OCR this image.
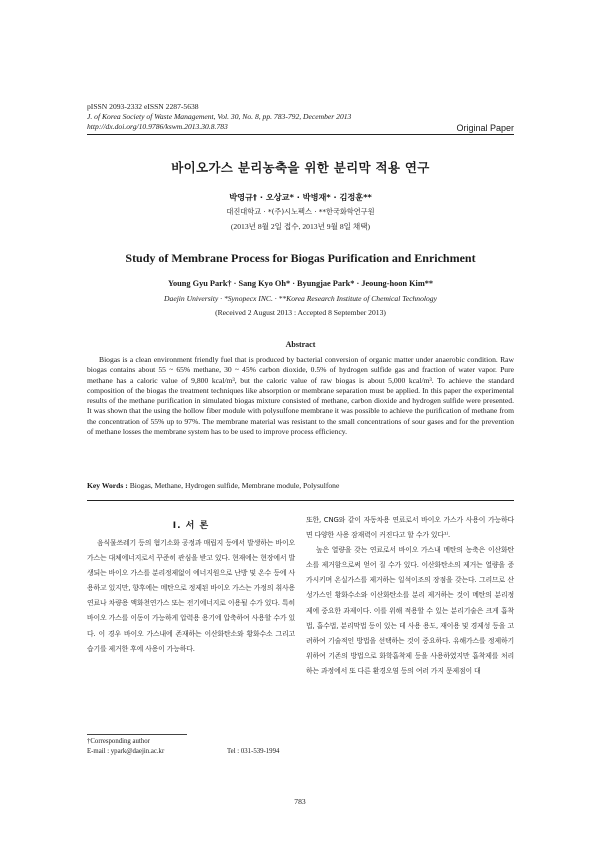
pISSN 2093-2332 eISSN 2287-5638
J. of Korea Society of Waste Management, Vol. 30, No. 8, pp. 783-792, December 2013
http://dx.doi.org/10.9786/kswm.2013.30.8.783	Original Paper
바이오가스 분리농축을 위한 분리막 적용 연구
박영규† · 오상교* · 박병재* · 김정훈**
대진대학교 · *(주)시노펙스 · **한국화학연구원
(2013년 8월 2일 접수, 2013년 9월 8일 채택)
Study of Membrane Process for Biogas Purification and Enrichment
Young Gyu Park† · Sang Kyo Oh* · Byungjae Park* · Jeoung-hoon Kim**
Daejin University · *Synopecx INC. · **Korea Research Institute of Chemical Technology
(Received 2 August 2013 : Accepted 8 September 2013)
Abstract
Biogas is a clean environment friendly fuel that is produced by bacterial conversion of organic matter under anaerobic condition. Raw biogas contains about 55 ~ 65% methane, 30 ~ 45% carbon dioxide, 0.5% of hydrogen sulfide gas and fraction of water vapor. Pure methane has a caloric value of 9,800 kcal/m³, but the caloric value of raw biogas is about 5,000 kcal/m³. To achieve the standard composition of the biogas the treatment techniques like absorption or membrane separation must be applied. In this paper the experimental results of the methane purification in simulated biogas mixture consisted of methane, carbon dioxide and hydrogen sulfide were presented. It was shown that the using the hollow fiber module with polysulfone membrane it was possible to achieve the purification of methane from the concentration of 55% up to 97%. The membrane material was resistant to the small concentrations of sour gases and for the prevention of methane losses the membrane system has to be used to improve process efficiency.
Key Words : Biogas, Methane, Hydrogen sulfide, Membrane module, Polysulfone
I. 서 론

음식물쓰레기 등의 혐기소화 공정과 매립지 등에서 발생하는 바이오 가스는 대체에너지로서 꾸준히 관심을 받고 있다. 현재에는 현장에서 발생되는 바이오 가스를 분리정제없이 에너지원으로 난방 및 온수 등에 사용하고 있지만, 향후에는 메탄으로 정제된 바이오 가스는 가정의 취사용 연료나 차량용 액화천연가스 또는 전기에너지로 이용될 수가 있다. 특히 바이오 가스를 이동이 가능하게 압력용 용기에 압축하여 사용할 수가 있다. 이 경우 바이오 가스내에 존재하는 이산화탄소와 황화수소 그리고 습기를 제거한 후에 사용이 가능하다.

또한, CNG와 같이 자동차용 연료로서 바이오 가스가 사용이 가능하다면 다양한 사용 잠재력이 커진다고 할 수가 있다¹⁾.

높은 열량을 갖는 연료로서 바이오 가스내 메탄의 농축은 이산화탄소를 제거함으로써 얻어 질 수가 있다. 이산화탄소의 제거는 열량을 증가시키며 온실가스를 제거하는 일석이조의 장점을 갖는다. 그리므로 산성가스인 황화수소와 이산화탄소를 분리 제거하는 것이 메탄의 분리정제에 중요한 과제이다. 이를 위해 적용할 수 있는 분리기술은 크게 흡착법, 흡수법, 분리막법 등이 있는 데 사용 용도, 재이용 및 경제성 등을 고려하여 기술적인 방법을 선택하는 것이 중요하다. 유해가스를 정제하기 위하여 기존의 방법으로 화학흡착제 등을 사용하였지만 흡착제를 처리하는 과정에서 또 다른 환경오염 등의 여러 가지 문제점이 대

†Corresponding author
E-mail : ypark@daejin.ac.kr	Tel : 031-539-1994
783
